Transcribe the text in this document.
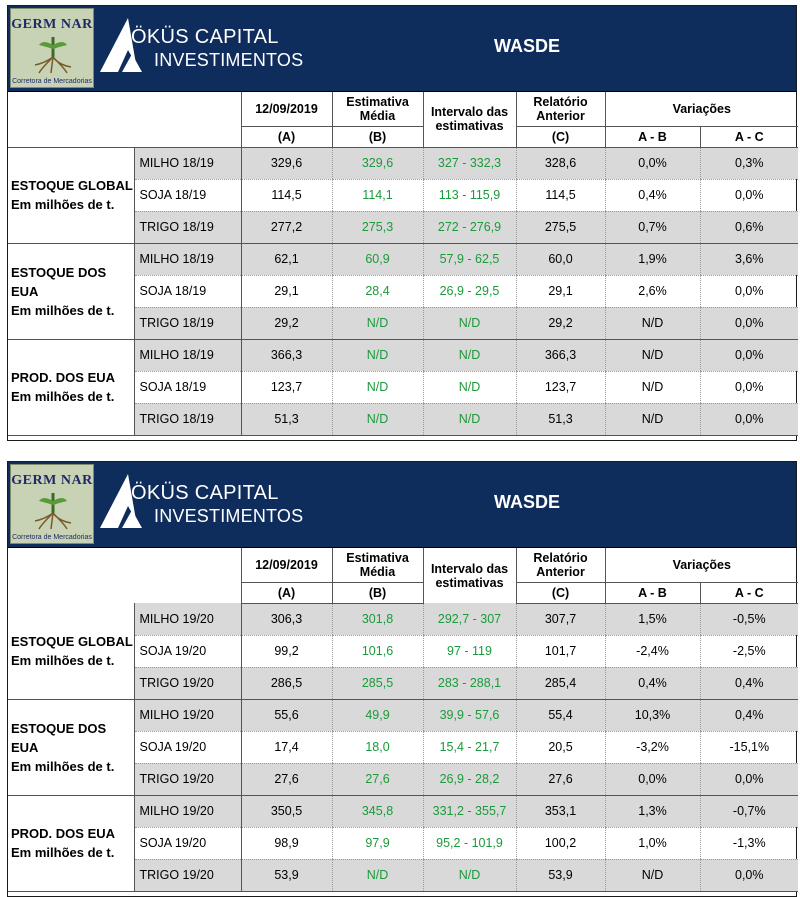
GERM NAR
Corretora de Mercadorias
ÖKÜS CAPITAL
INVESTIMENTOS
WASDE
		12/09/2019	Estimativa Média	Intervalo das estimativas	Relatório Anterior	Variações	
		(A)	(B)		(C)	A - B	A - C

ESTOQUE GLOBAL
Em milhões de t.	MILHO 18/19	329,6	329,6	327 - 332,3	328,6	0,0%	0,3%
	SOJA 18/19	114,5	114,1	113 - 115,9	114,5	0,4%	0,0%
	TRIGO 18/19	277,2	275,3	272 - 276,9	275,5	0,7%	0,6%

ESTOQUE DOS EUA
Em milhões de t.	MILHO 18/19	62,1	60,9	57,9 - 62,5	60,0	1,9%	3,6%
	SOJA 18/19	29,1	28,4	26,9 - 29,5	29,1	2,6%	0,0%
	TRIGO 18/19	29,2	N/D	N/D	29,2	N/D	0,0%

PROD. DOS EUA
Em milhões de t.	MILHO 18/19	366,3	N/D	N/D	366,3	N/D	0,0%
	SOJA 18/19	123,7	N/D	N/D	123,7	N/D	0,0%
	TRIGO 18/19	51,3	N/D	N/D	51,3	N/D	0,0%
GERM NAR
Corretora de Mercadorias
ÖKÜS CAPITAL
INVESTIMENTOS
WASDE
		12/09/2019	Estimativa Média	Intervalo das estimativas	Relatório Anterior	Variações	
		(A)	(B)		(C)	A - B	A - C

ESTOQUE GLOBAL
Em milhões de t.	MILHO 19/20	306,3	301,8	292,7 - 307	307,7	1,5%	-0,5%
	SOJA 19/20	99,2	101,6	97 - 119	101,7	-2,4%	-2,5%
	TRIGO 19/20	286,5	285,5	283 - 288,1	285,4	0,4%	0,4%

ESTOQUE DOS EUA
Em milhões de t.	MILHO 19/20	55,6	49,9	39,9 - 57,6	55,4	10,3%	0,4%
	SOJA 19/20	17,4	18,0	15,4 - 21,7	20,5	-3,2%	-15,1%
	TRIGO 19/20	27,6	27,6	26,9 - 28,2	27,6	0,0%	0,0%

PROD. DOS EUA
Em milhões de t.	MILHO 19/20	350,5	345,8	331,2 - 355,7	353,1	1,3%	-0,7%
	SOJA 19/20	98,9	97,9	95,2 - 101,9	100,2	1,0%	-1,3%
	TRIGO 19/20	53,9	N/D	N/D	53,9	N/D	0,0%
